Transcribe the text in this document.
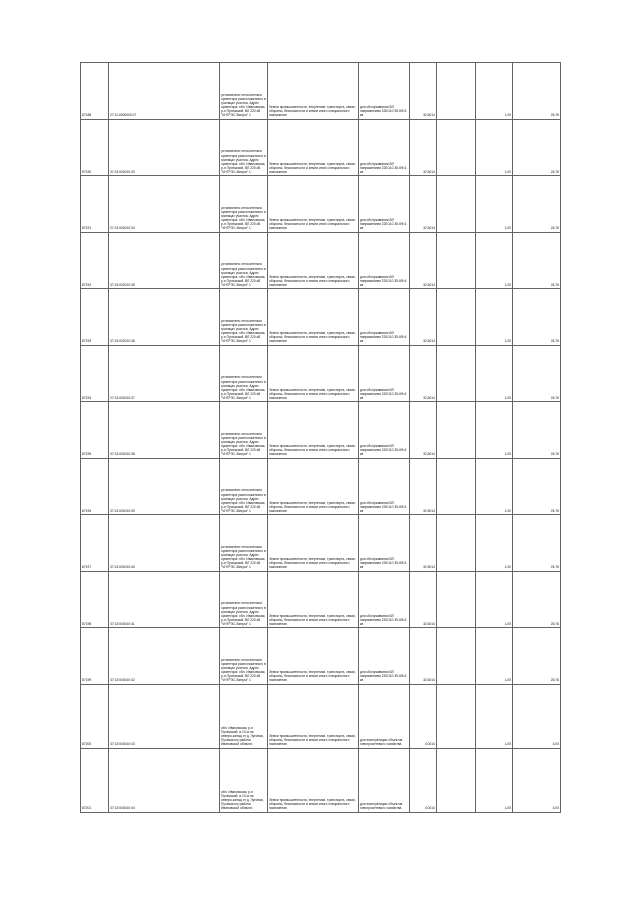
87188	27:11:0000000:27	установлено относительно ориентира расположенного в границах участка. Адрес ориентира: обл. Ивановская, р-н Пучежский, ВЛ 220 кВ "ЧНГРЭС-Вичуга" 1	Земли промышленности, энергетики, транспорта, связи, обороны, безопасности и земли иного специального назначения	для обслуживания ВЛ напряжением 220/110 35-КФ-6 кв	32,6014		1,00	26,76

87190	37:13:000010:33	установлено относительно ориентира расположенного в границах участка. Адрес ориентира: обл. Ивановская, р-н Пучежский, ВЛ 220 кВ "ЧНГРЭС-Вичуга" 1	Земли промышленности, энергетики, транспорта, связи, обороны, безопасности и земли иного специального назначения	для обслуживания ВЛ напряжением 220/110 35-КФ-6 кв	32,6014		1,00	26,76

87191	27:13:000010:34	установлено относительно ориентира расположенного в границах участка. Адрес ориентира: обл. Ивановская, р-н Пучежский, ВЛ 220 кВ "ЧНГРЭС-Вичуга" 1	Земли промышленности, энергетики, транспорта, связи, обороны, безопасности и земли иного специального назначения	для обслуживания ВЛ напряжением 220/110 35-КФ-6 кв	32,6014		1,00	26,76

87192	37:13:000010:35	установлено относительно ориентира расположенного в границах участка. Адрес ориентира: обл. Ивановская, р-н Пучежский, ВЛ 220 кВ "ЧНГРЭС-Вичуга" 1	Земли промышленности, энергетики, транспорта, связи, обороны, безопасности и земли иного специального назначения	для обслуживания ВЛ напряжением 220/110 35-КФ-6 кв	32,6014		1,00	26,76

87193	37:13:000010:36	установлено относительно ориентира расположенного в границах участка. Адрес ориентира: обл. Ивановская, р-н Пучежский, ВЛ 220 кВ "ЧНГРЭС-Вичуга" 1	Земли промышленности, энергетики, транспорта, связи, обороны, безопасности и земли иного специального назначения	для обслуживания ВЛ напряжением 220/110 35-КФ-6 кв	32,6014		1,00	26,76

87194	27:13:000010:37	установлено относительно ориентира расположенного в границах участка. Адрес ориентира: обл. Ивановская, р-н Пучежский, ВЛ 220 кВ "ЧНГРЭС-Вичуга" 1	Земли промышленности, энергетики, транспорта, связи, обороны, безопасности и земли иного специального назначения	для обслуживания ВЛ напряжением 220/110 35-КФ-6 кв	32,6014		1,00	26,76

87195	37:13:000010:38	установлено относительно ориентира расположенного в границах участка. Адрес ориентира: обл. Ивановская, р-н Пучежский, ВЛ 220 кВ "ЧНГРЭС-Вичуга" 1	Земли промышленности, энергетики, транспорта, связи, обороны, безопасности и земли иного специального назначения	для обслуживания ВЛ напряжением 220/110 35-КФ-6 кв	32,6014		1,00	26,76

87196	37:13:000010:39	установлено относительно ориентира расположенного в границах участка. Адрес ориентира: обл. Ивановская, р-н Пучежский, ВЛ 220 кВ "ЧНГРЭС-Вичуга" 1	Земли промышленности, энергетики, транспорта, связи, обороны, безопасности и земли иного специального назначения	для обслуживания ВЛ напряжением 220/110 35-КФ-6 кв	32,6014		1,00	26,76

87197	37:13:000010:40	установлено относительно ориентира расположенного в границах участка. Адрес ориентира: обл. Ивановская, р-н Пучежский, ВЛ 220 кВ "ЧНГРЭС-Вичуга" 1	Земли промышленности, энергетики, транспорта, связи, обороны, безопасности и земли иного специального назначения	для обслуживания ВЛ напряжением 220/110 35-КФ-6 кв	32,6014		1,00	26,76

87198	37:13:000010:41	установлено относительно ориентира расположенного в границах участка. Адрес ориентира: обл. Ивановская, р-н Пучежский, ВЛ 220 кВ "ЧНГРЭС-Вичуга" 1	Земли промышленности, энергетики, транспорта, связи, обороны, безопасности и земли иного специального назначения	для обслуживания ВЛ напряжением 220/110 35-КФ-6 кв	32,6014		1,00	26,76

87199	37:13:000010:42	установлено относительно ориентира расположенного в границах участка. Адрес ориентира: обл. Ивановская, р-н Пучежский, ВЛ 220 кВ "ЧНГРЭС-Вичуга" 1	Земли промышленности, энергетики, транспорта, связи, обороны, безопасности и земли иного специального назначения	для обслуживания ВЛ напряжением 220/110 35-КФ-6 кв	32,6014		1,00	26,76

87200	37:13:000010:43	обл. Ивановская, р-н Пучежский, в 10 м на северо-запад от д. Луговая, Пучежского района Ивановской области	Земли промышленности, энергетики, транспорта, связи, обороны, безопасности и земли иного специального назначения	для эксплуатации объектов электросетевого хозяйства	4,0014		1,00	4,00

87201	37:13:000010:44	обл. Ивановская, р-н Пучежский, в 10 м на северо-запад от д. Луговая, Пучежского района Ивановской области	Земли промышленности, энергетики, транспорта, связи, обороны, безопасности и земли иного специального назначения	для эксплуатации объектов электросетевого хозяйства	4,0014		1,00	4,00
